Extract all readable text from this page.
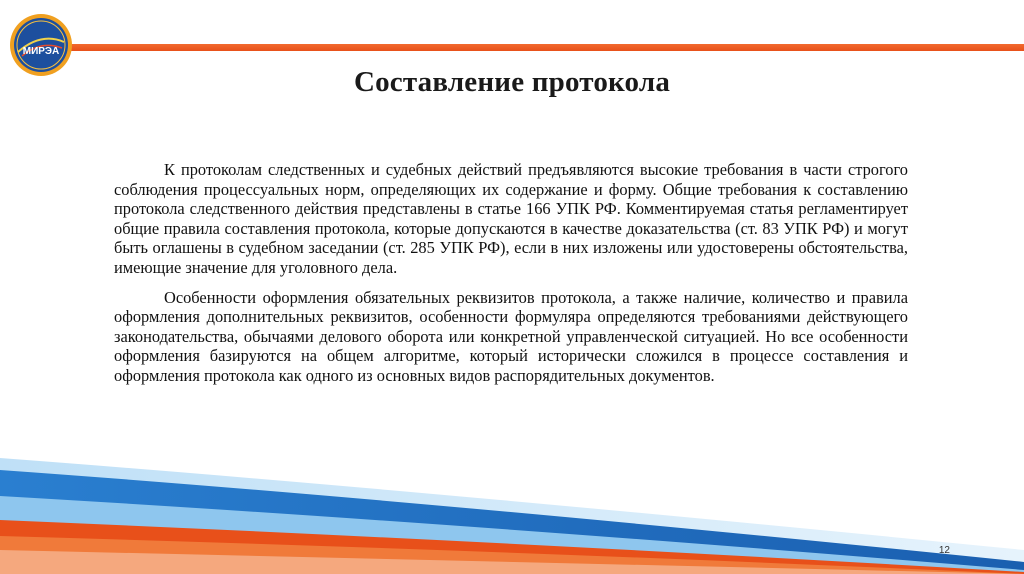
МИРЭА
Составление протокола

К протоколам следственных и судебных действий предъявляются высокие требования в части строгого соблюдения процессуальных норм, определяющих их содержание и форму. Общие требования к составлению протокола следственного действия представлены в статье 166 УПК РФ. Комментируемая статья регламентирует общие правила составления протокола, которые допускаются в качестве доказательства (ст. 83 УПК РФ) и могут быть оглашены в судебном заседании (ст. 285 УПК РФ), если в них изложены или удостоверены обстоятельства, имеющие значение для уголовного дела.

Особенности оформления обязательных реквизитов протокола, а также наличие, количество и правила оформления дополнительных реквизитов, особенности формуляра определяются требованиями действующего законодательства, обычаями делового оборота или конкретной управленческой ситуацией. Но все особенности оформления базируются на общем алгоритме, который исторически сложился в процессе составления и оформления протокола как одного из основных видов распорядительных документов.

12
